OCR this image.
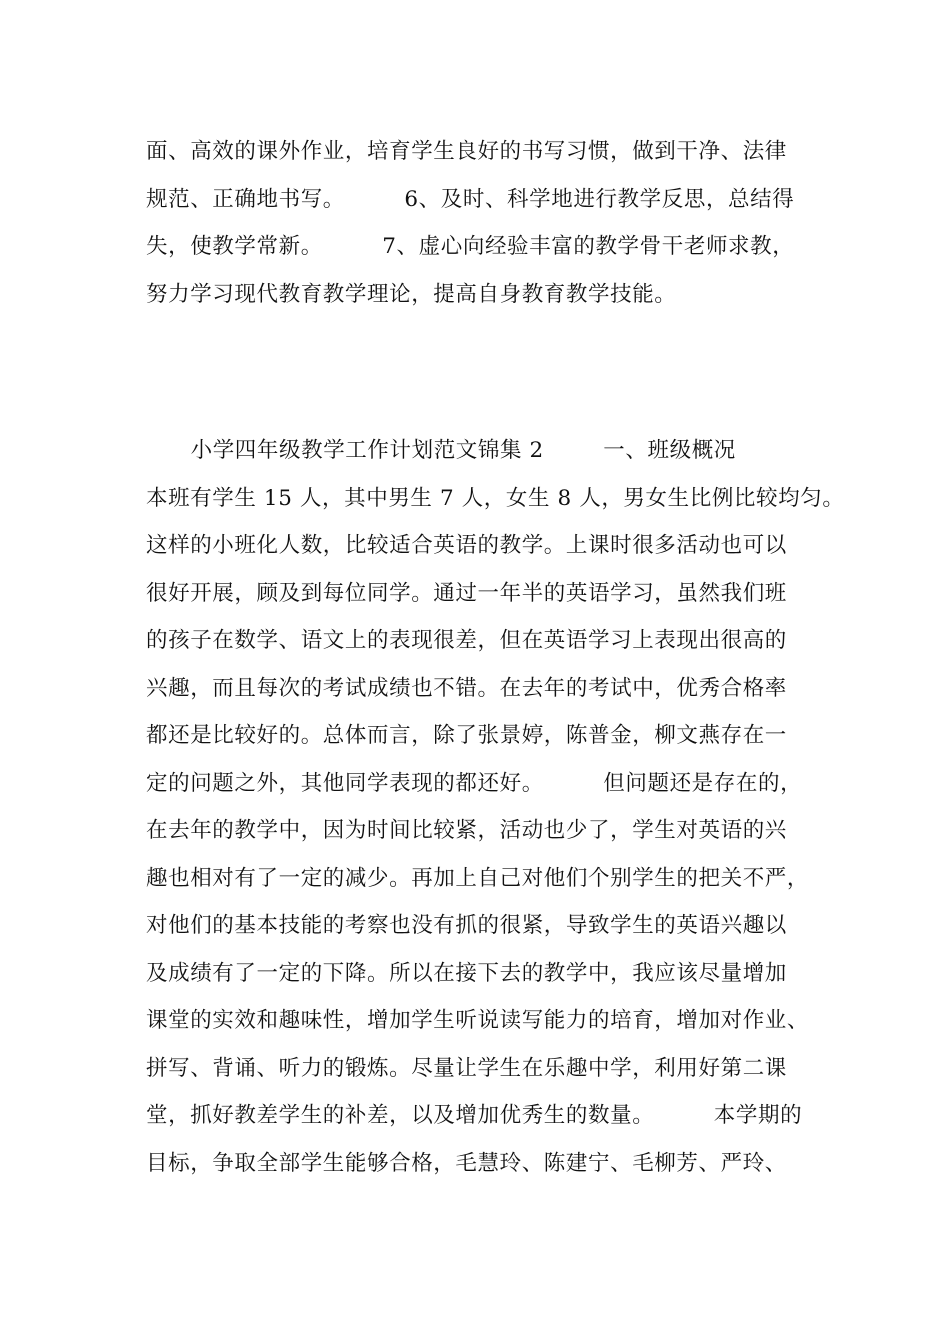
面、高效的课外作业，培育学生良好的书写习惯，做到干净、法律
规范、正确地书写。        6、及时、科学地进行教学反思，总结得
失，使教学常新。        7、虚心向经验丰富的教学骨干老师求教，
努力学习现代教育教学理论，提高自身教育教学技能。
小学四年级教学工作计划范文锦集 2        一、班级概况
本班有学生 15 人，其中男生 7 人，女生 8 人，男女生比例比较均匀。
这样的小班化人数，比较适合英语的教学。上课时很多活动也可以
很好开展，顾及到每位同学。通过一年半的英语学习，虽然我们班
的孩子在数学、语文上的表现很差，但在英语学习上表现出很高的
兴趣，而且每次的考试成绩也不错。在去年的考试中，优秀合格率
都还是比较好的。总体而言，除了张景婷，陈普金，柳文燕存在一
定的问题之外，其他同学表现的都还好。        但问题还是存在的，
在去年的教学中，因为时间比较紧，活动也少了，学生对英语的兴
趣也相对有了一定的减少。再加上自己对他们个别学生的把关不严，
对他们的基本技能的考察也没有抓的很紧，导致学生的英语兴趣以
及成绩有了一定的下降。所以在接下去的教学中，我应该尽量增加
课堂的实效和趣味性，增加学生听说读写能力的培育，增加对作业、
拼写、背诵、听力的锻炼。尽量让学生在乐趣中学，利用好第二课
堂，抓好教差学生的补差，以及增加优秀生的数量。        本学期的
目标，争取全部学生能够合格，毛慧玲、陈建宁、毛柳芳、严玲、
